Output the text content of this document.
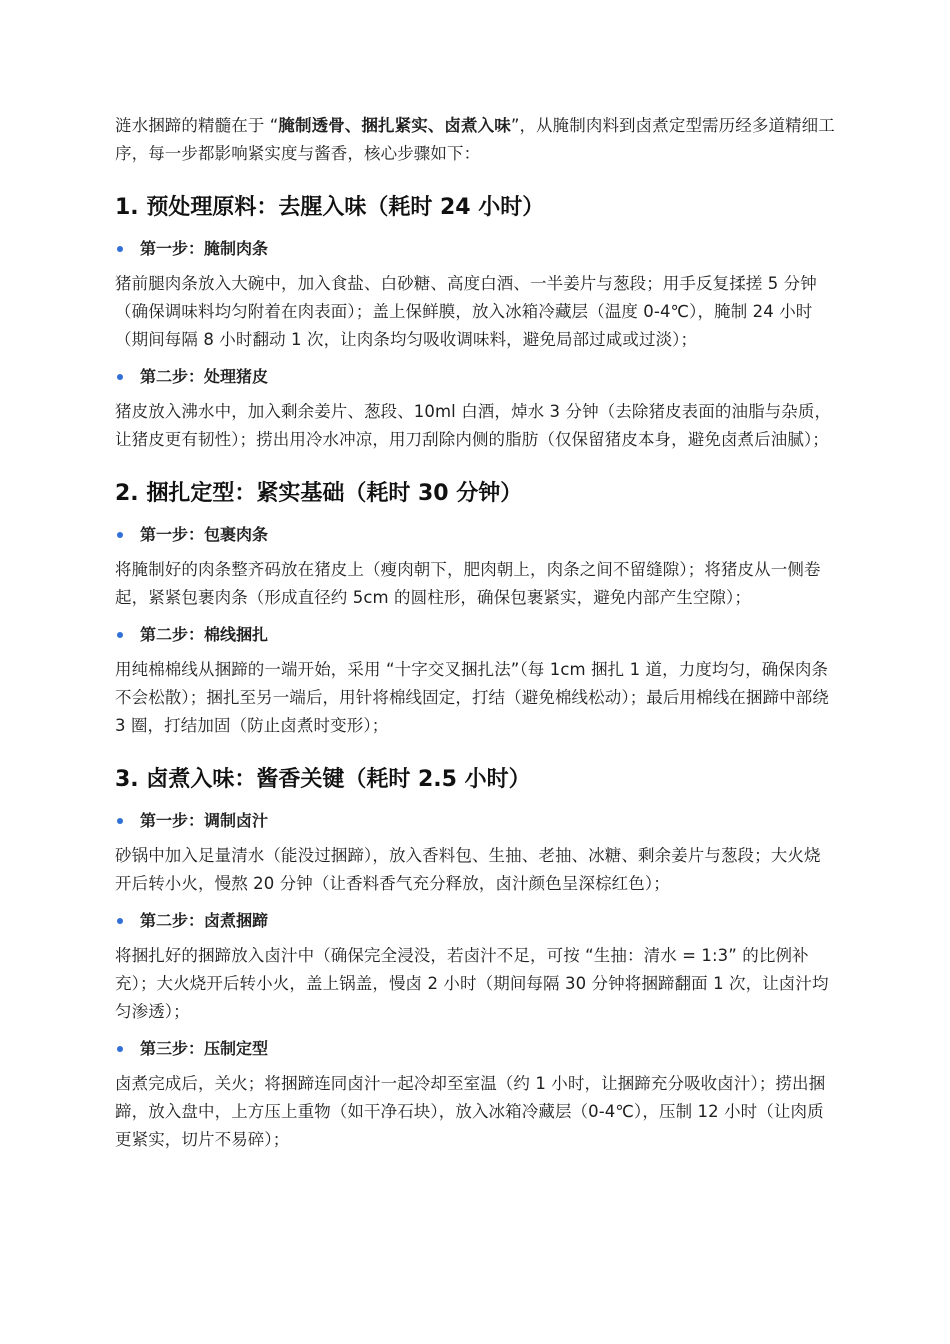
涟水捆蹄的精髓在于 “腌制透骨、捆扎紧实、卤煮入味”，从腌制肉料到卤煮定型需历经多道精细工序，每一步都影响紧实度与酱香，核心步骤如下：

1. 预处理原料：去腥入味（耗时 24 小时）
第一步：腌制肉条

猪前腿肉条放入大碗中，加入食盐、白砂糖、高度白酒、一半姜片与葱段；用手反复揉搓 5 分钟（确保调味料均匀附着在肉表面）；盖上保鲜膜，放入冰箱冷藏层（温度 0-4℃），腌制 24 小时（期间每隔 8 小时翻动 1 次，让肉条均匀吸收调味料，避免局部过咸或过淡）；

第二步：处理猪皮

猪皮放入沸水中，加入剩余姜片、葱段、10ml 白酒，焯水 3 分钟（去除猪皮表面的油脂与杂质，让猪皮更有韧性）；捞出用冷水冲凉，用刀刮除内侧的脂肪（仅保留猪皮本身，避免卤煮后油腻）；

2. 捆扎定型：紧实基础（耗时 30 分钟）
第一步：包裹肉条

将腌制好的肉条整齐码放在猪皮上（瘦肉朝下，肥肉朝上，肉条之间不留缝隙）；将猪皮从一侧卷起，紧紧包裹肉条（形成直径约 5cm 的圆柱形，确保包裹紧实，避免内部产生空隙）；

第二步：棉线捆扎

用纯棉棉线从捆蹄的一端开始，采用 “十字交叉捆扎法”（每 1cm 捆扎 1 道，力度均匀，确保肉条不会松散）；捆扎至另一端后，用针将棉线固定，打结（避免棉线松动）；最后用棉线在捆蹄中部绕 3 圈，打结加固（防止卤煮时变形）；

3. 卤煮入味：酱香关键（耗时 2.5 小时）
第一步：调制卤汁

砂锅中加入足量清水（能没过捆蹄），放入香料包、生抽、老抽、冰糖、剩余姜片与葱段；大火烧开后转小火，慢熬 20 分钟（让香料香气充分释放，卤汁颜色呈深棕红色）；

第二步：卤煮捆蹄

将捆扎好的捆蹄放入卤汁中（确保完全浸没，若卤汁不足，可按 “生抽：清水 = 1:3” 的比例补充）；大火烧开后转小火，盖上锅盖，慢卤 2 小时（期间每隔 30 分钟将捆蹄翻面 1 次，让卤汁均匀渗透）；

第三步：压制定型

卤煮完成后，关火；将捆蹄连同卤汁一起冷却至室温（约 1 小时，让捆蹄充分吸收卤汁）；捞出捆蹄，放入盘中，上方压上重物（如干净石块），放入冰箱冷藏层（0-4℃），压制 12 小时（让肉质更紧实，切片不易碎）；
